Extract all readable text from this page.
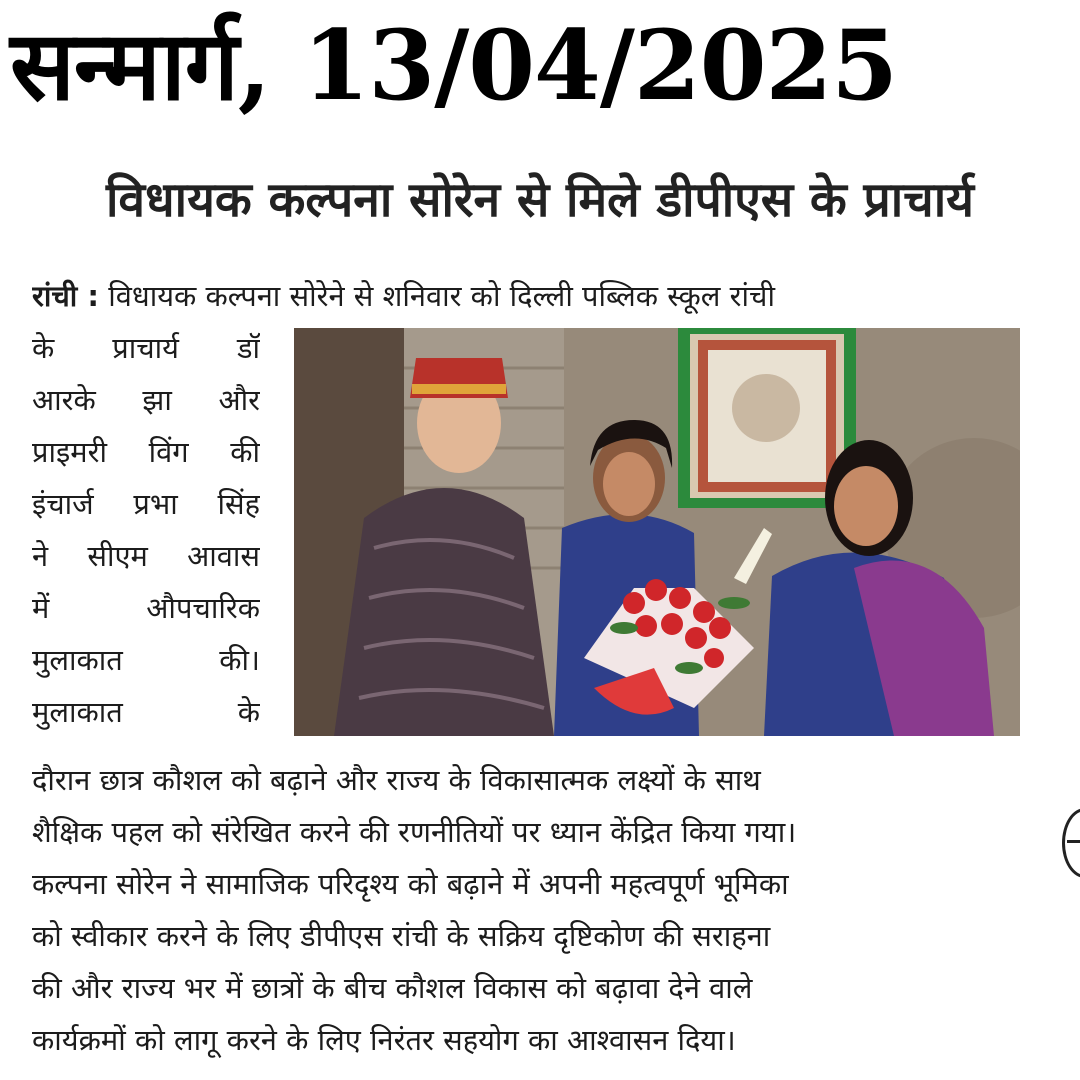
सन्मार्ग, 13/04/2025
विधायक कल्पना सोरेन से मिले डीपीएस के प्राचार्य
रांची : विधायक कल्पना सोरेने से शनिवार को दिल्ली पब्लिक स्कूल रांची
के प्राचार्य डॉ
आरके झा और
प्राइमरी विंग की
इंचार्ज प्रभा सिंह
ने सीएम आवास
में औपचारिक
मुलाकात की।
मुलाकात के
दौरान छात्र कौशल को बढ़ाने और राज्य के विकासात्मक लक्ष्यों के साथ
शैक्षिक पहल को संरेखित करने की रणनीतियों पर ध्यान केंद्रित किया गया।
कल्पना सोरेन ने सामाजिक परिदृश्य को बढ़ाने में अपनी महत्वपूर्ण भूमिका
को स्वीकार करने के लिए डीपीएस रांची के सक्रिय दृष्टिकोण की सराहना
की और राज्य भर में छात्रों के बीच कौशल विकास को बढ़ावा देने वाले
कार्यक्रमों को लागू करने के लिए निरंतर सहयोग का आश्वासन दिया।
